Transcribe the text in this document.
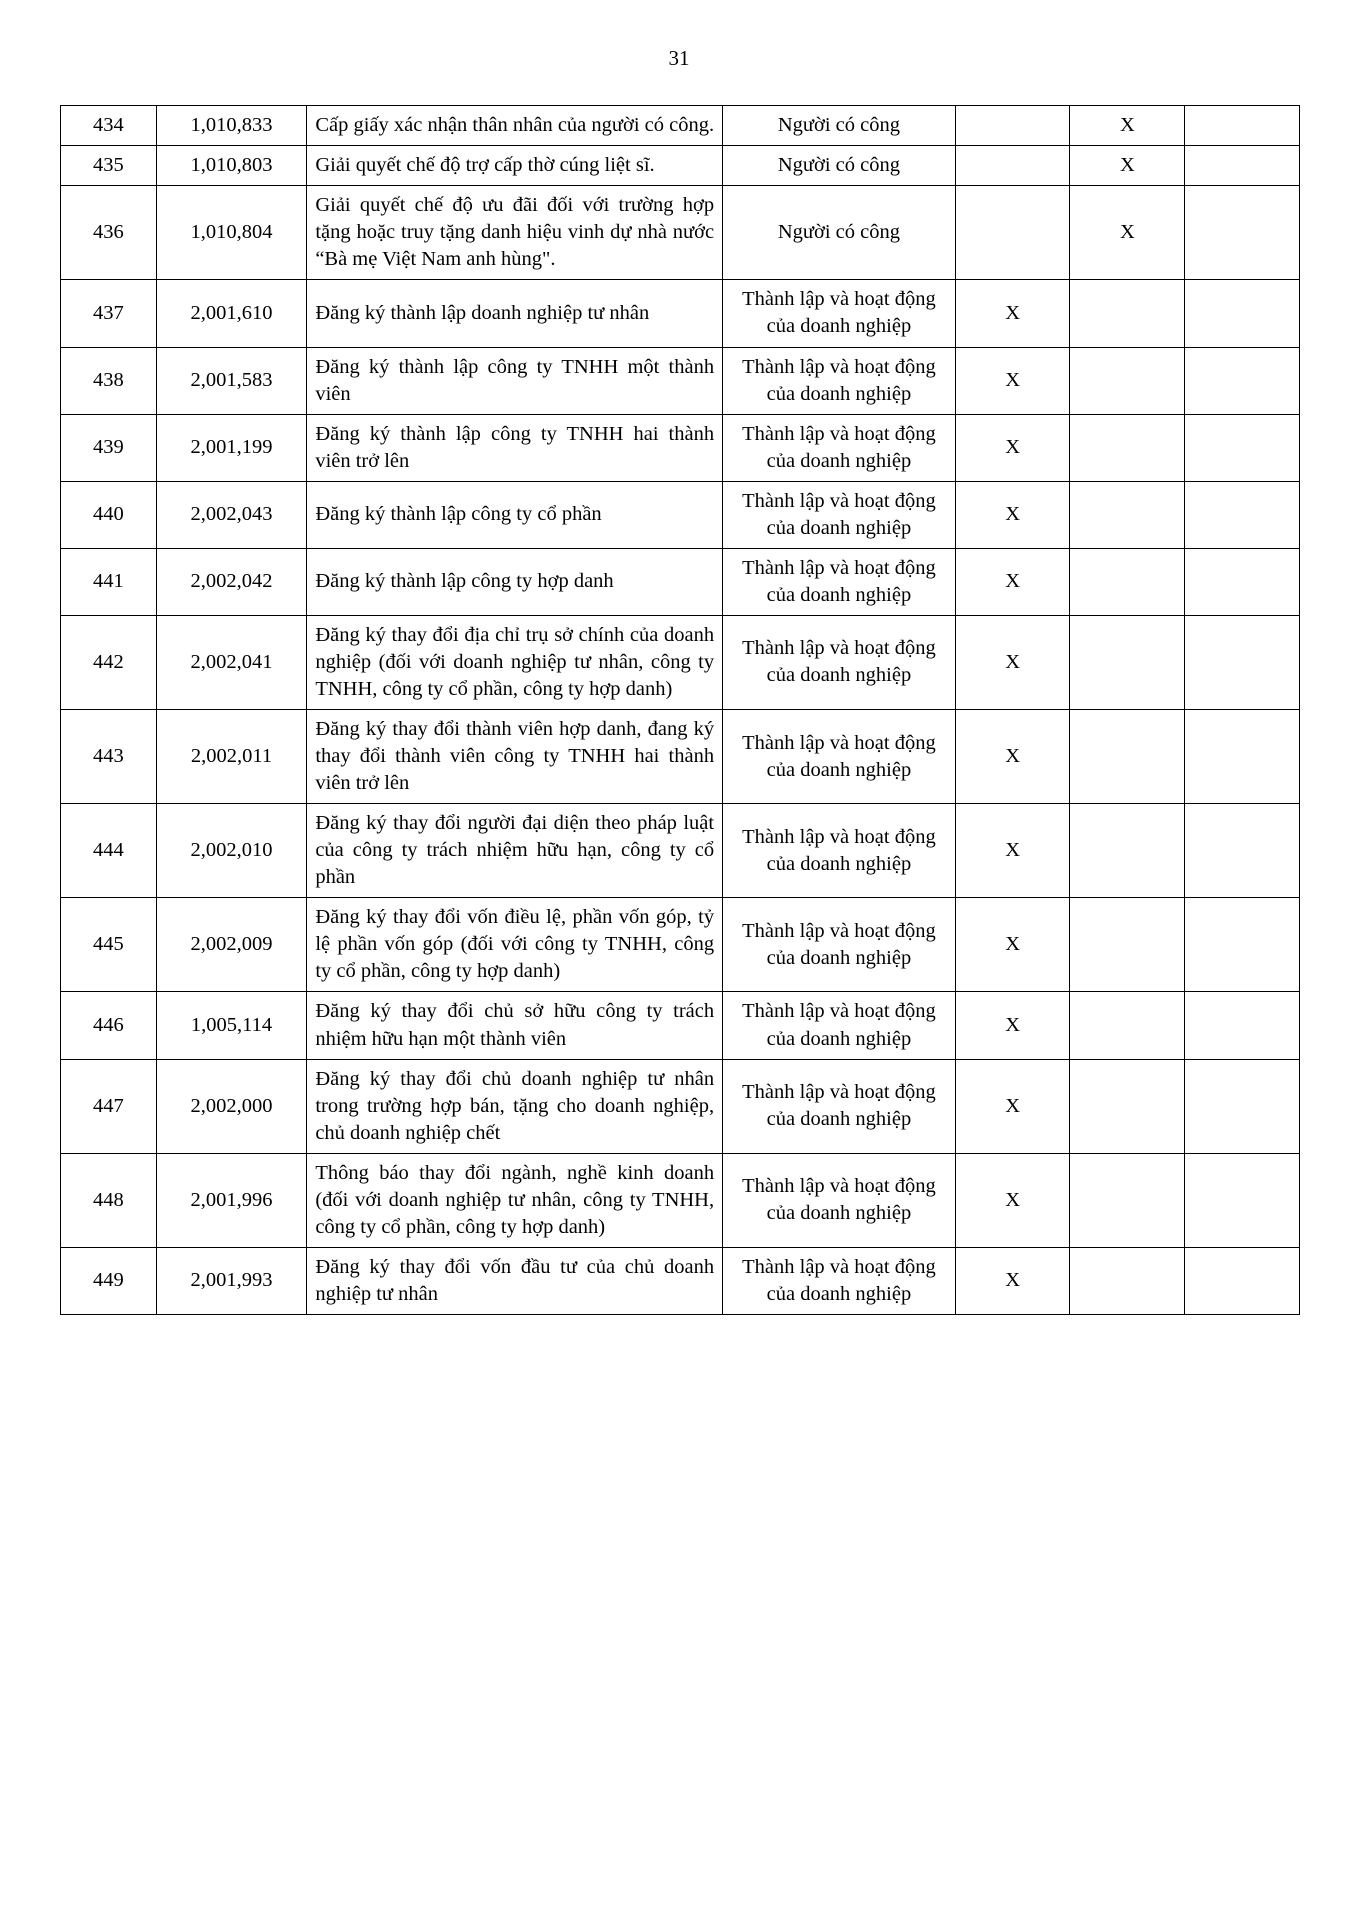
31
434	1,010,833	Cấp giấy xác nhận thân nhân của người có công.	Người có công		X	
435	1,010,803	Giải quyết chế độ trợ cấp thờ cúng liệt sĩ.	Người có công		X	
436	1,010,804	Giải quyết chế độ ưu đãi đối với trường hợp tặng hoặc truy tặng danh hiệu vinh dự nhà nước “Bà mẹ Việt Nam anh hùng".	Người có công		X	
437	2,001,610	Đăng ký thành lập doanh nghiệp tư nhân	Thành lập và hoạt động của doanh nghiệp	X		
438	2,001,583	Đăng ký thành lập công ty TNHH một thành viên	Thành lập và hoạt động của doanh nghiệp	X		
439	2,001,199	Đăng ký thành lập công ty TNHH hai thành viên trở lên	Thành lập và hoạt động của doanh nghiệp	X		
440	2,002,043	Đăng ký thành lập công ty cổ phần	Thành lập và hoạt động của doanh nghiệp	X		
441	2,002,042	Đăng ký thành lập công ty hợp danh	Thành lập và hoạt động của doanh nghiệp	X		
442	2,002,041	Đăng ký thay đổi địa chỉ trụ sở chính của doanh nghiệp (đối với doanh nghiệp tư nhân, công ty TNHH, công ty cổ phần, công ty hợp danh)	Thành lập và hoạt động của doanh nghiệp	X		
443	2,002,011	Đăng ký thay đổi thành viên hợp danh, đang ký thay đổi thành viên công ty TNHH hai thành viên trở lên	Thành lập và hoạt động của doanh nghiệp	X		
444	2,002,010	Đăng ký thay đổi người đại diện theo pháp luật của công ty trách nhiệm hữu hạn, công ty cổ phần	Thành lập và hoạt động của doanh nghiệp	X		
445	2,002,009	Đăng ký thay đổi vốn điều lệ, phần vốn góp, tỷ lệ phần vốn góp (đối với công ty TNHH, công ty cổ phần, công ty hợp danh)	Thành lập và hoạt động của doanh nghiệp	X		
446	1,005,114	Đăng ký thay đổi chủ sở hữu công ty trách nhiệm hữu hạn một thành viên	Thành lập và hoạt động của doanh nghiệp	X		
447	2,002,000	Đăng ký thay đổi chủ doanh nghiệp tư nhân trong trường hợp bán, tặng cho doanh nghiệp, chủ doanh nghiệp chết	Thành lập và hoạt động của doanh nghiệp	X		
448	2,001,996	Thông báo thay đổi ngành, nghề kinh doanh (đối với doanh nghiệp tư nhân, công ty TNHH, công ty cổ phần, công ty hợp danh)	Thành lập và hoạt động của doanh nghiệp	X		
449	2,001,993	Đăng ký thay đổi vốn đầu tư của chủ doanh nghiệp tư nhân	Thành lập và hoạt động của doanh nghiệp	X		
